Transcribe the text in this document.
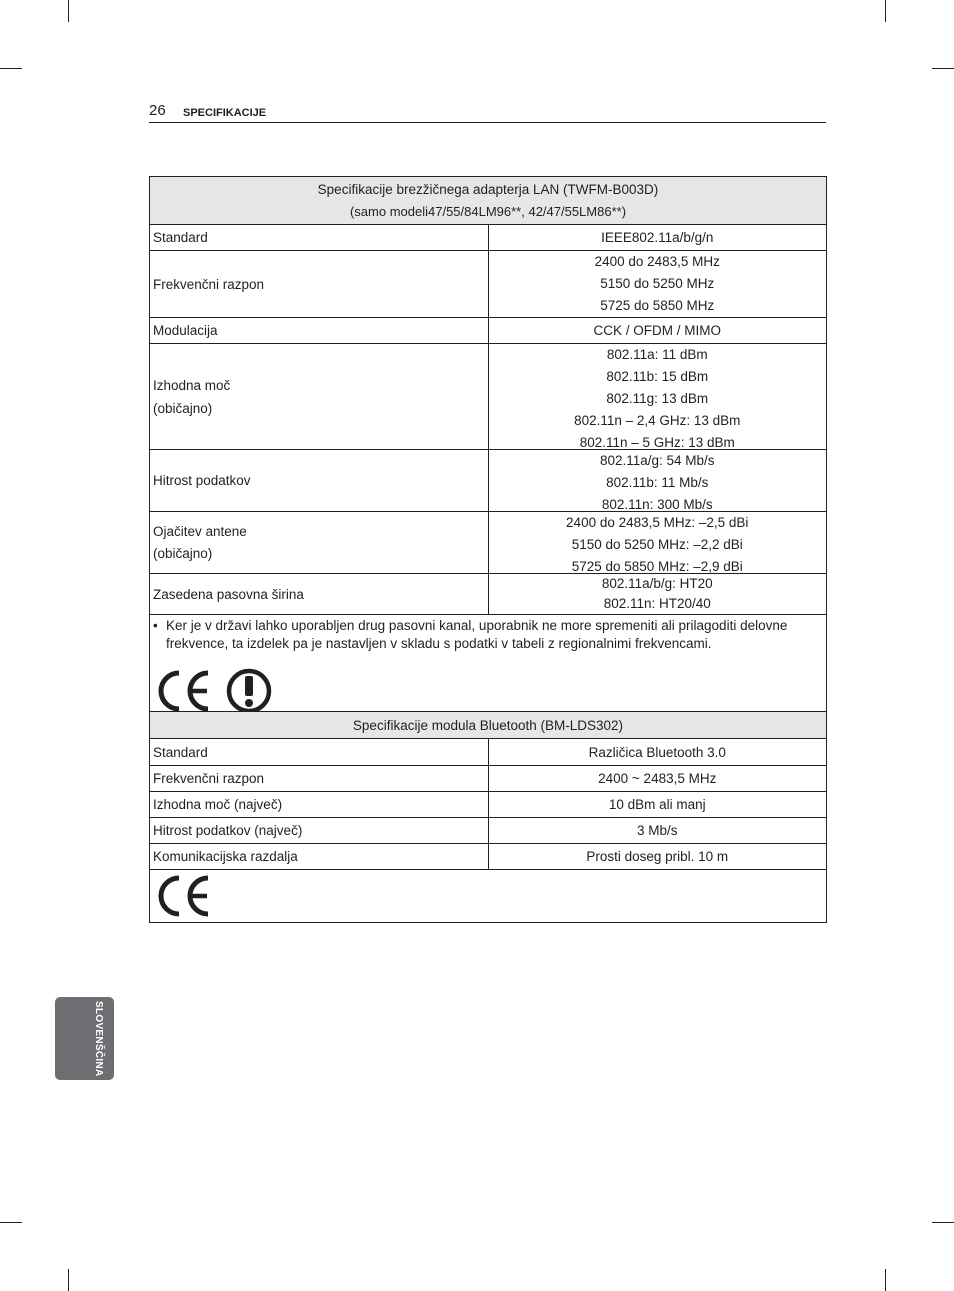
26 SPECIFIKACIJE
Specifikacije brezžičnega adapterja LAN (TWFM-B003D)
(samo modeli47/55/84LM96**, 42/47/55LM86**)	

Standard	IEEE802.11a/b/g/n

Frekvenčni razpon	2400 do 2483,5 MHz
5150 do 5250 MHz
5725 do 5850 MHz

Modulacija	CCK / OFDM / MIMO

Izhodna moč
(običajno)	802.11a: 11 dBm
802.11b: 15 dBm
802.11g: 13 dBm
802.11n – 2,4 GHz: 13 dBm
802.11n – 5 GHz: 13 dBm

Hitrost podatkov	802.11a/g: 54 Mb/s
802.11b: 11 Mb/s
802.11n: 300 Mb/s

Ojačitev antene
(običajno)	2400 do 2483,5 MHz: –2,5 dBi
5150 do 5250 MHz: –2,2 dBi
5725 do 5850 MHz: –2,9 dBi

Zasedena pasovna širina	802.11a/b/g: HT20
802.11n: HT20/40

• Ker je v državi lahko uporabljen drug pasovni kanal, uporabnik ne more spremeniti ali prilagoditi delovne frekvence, ta izdelek pa je nastavljen v skladu s podatki v tabeli z regionalnimi frekvencami.	
Specifikacije modula Bluetooth (BM-LDS302)	
Standard	Različica Bluetooth 3.0
Frekvenčni razpon	2400 ~ 2483,5 MHz
Izhodna moč (največ)	10 dBm ali manj
Hitrost podatkov (največ)	3 Mb/s
Komunikacijska razdalja	Prosti doseg pribl. 10 m

SLOVENŠČINA
